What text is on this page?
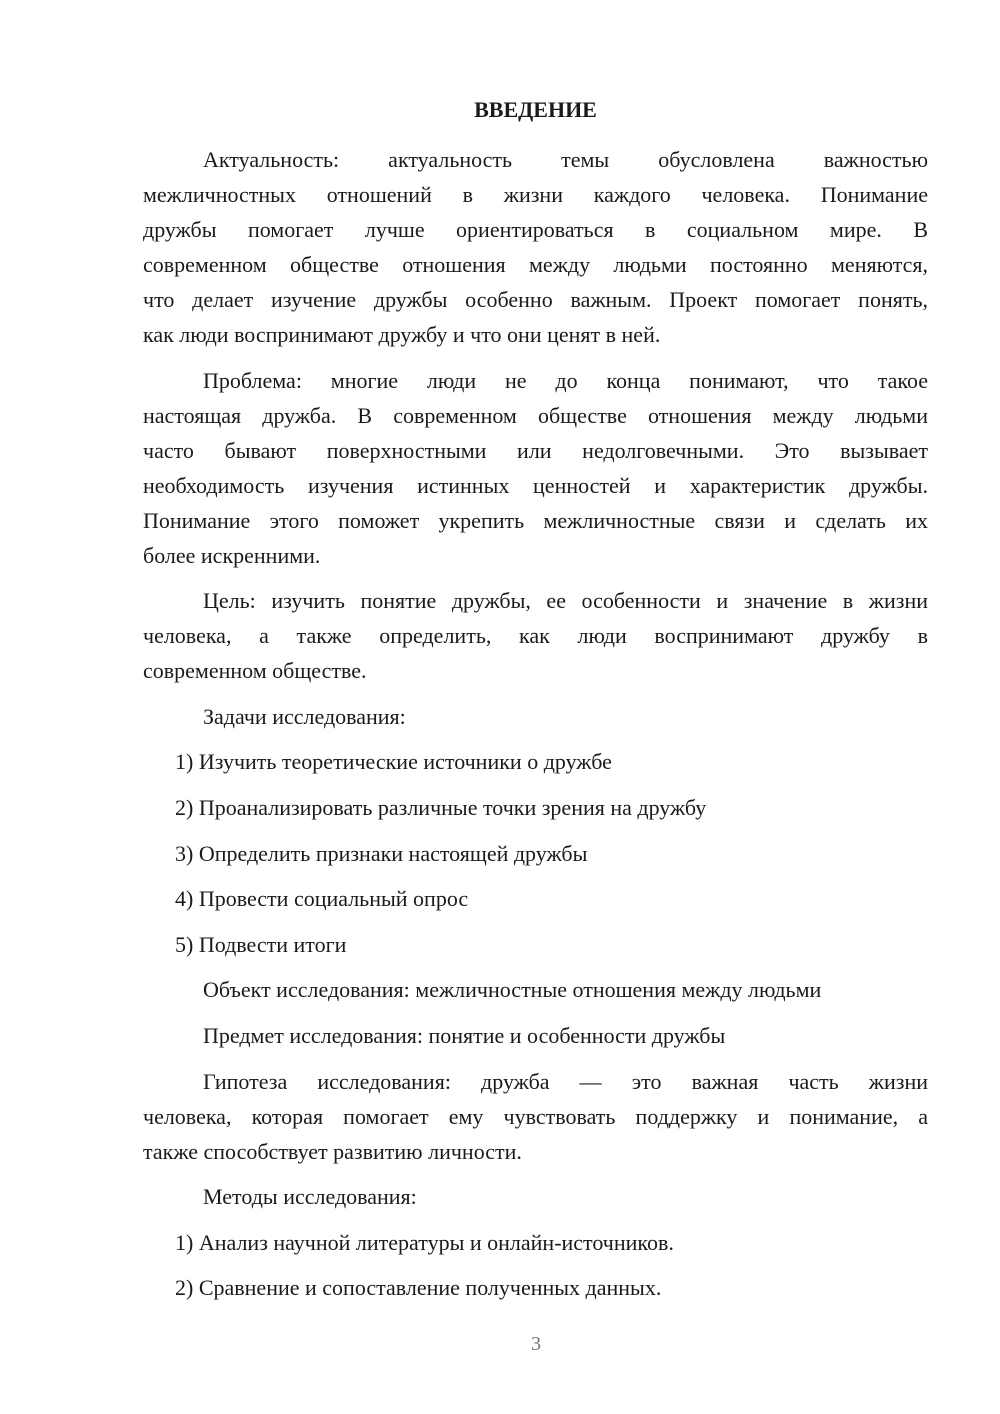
ВВЕДЕНИЕ
Актуальность: актуальность темы обусловлена важностью
межличностных отношений в жизни каждого человека. Понимание
дружбы помогает лучше ориентироваться в социальном мире. В
современном обществе отношения между людьми постоянно меняются,
что делает изучение дружбы особенно важным. Проект помогает понять,
как люди воспринимают дружбу и что они ценят в ней.
Проблема: многие люди не до конца понимают, что такое
настоящая дружба. В современном обществе отношения между людьми
часто бывают поверхностными или недолговечными. Это вызывает
необходимость изучения истинных ценностей и характеристик дружбы.
Понимание этого поможет укрепить межличностные связи и сделать их
более искренними.
Цель: изучить понятие дружбы, ее особенности и значение в жизни
человека, а также определить, как люди воспринимают дружбу в
современном обществе.
Задачи исследования:
1) Изучить теоретические источники о дружбе
2) Проанализировать различные точки зрения на дружбу
3) Определить признаки настоящей дружбы
4) Провести социальный опрос
5) Подвести итоги
Объект исследования: межличностные отношения между людьми
Предмет исследования: понятие и особенности дружбы
Гипотеза исследования: дружба — это важная часть жизни
человека, которая помогает ему чувствовать поддержку и понимание, а
также способствует развитию личности.
Методы исследования:
1) Анализ научной литературы и онлайн-источников.
2) Сравнение и сопоставление полученных данных.
3
